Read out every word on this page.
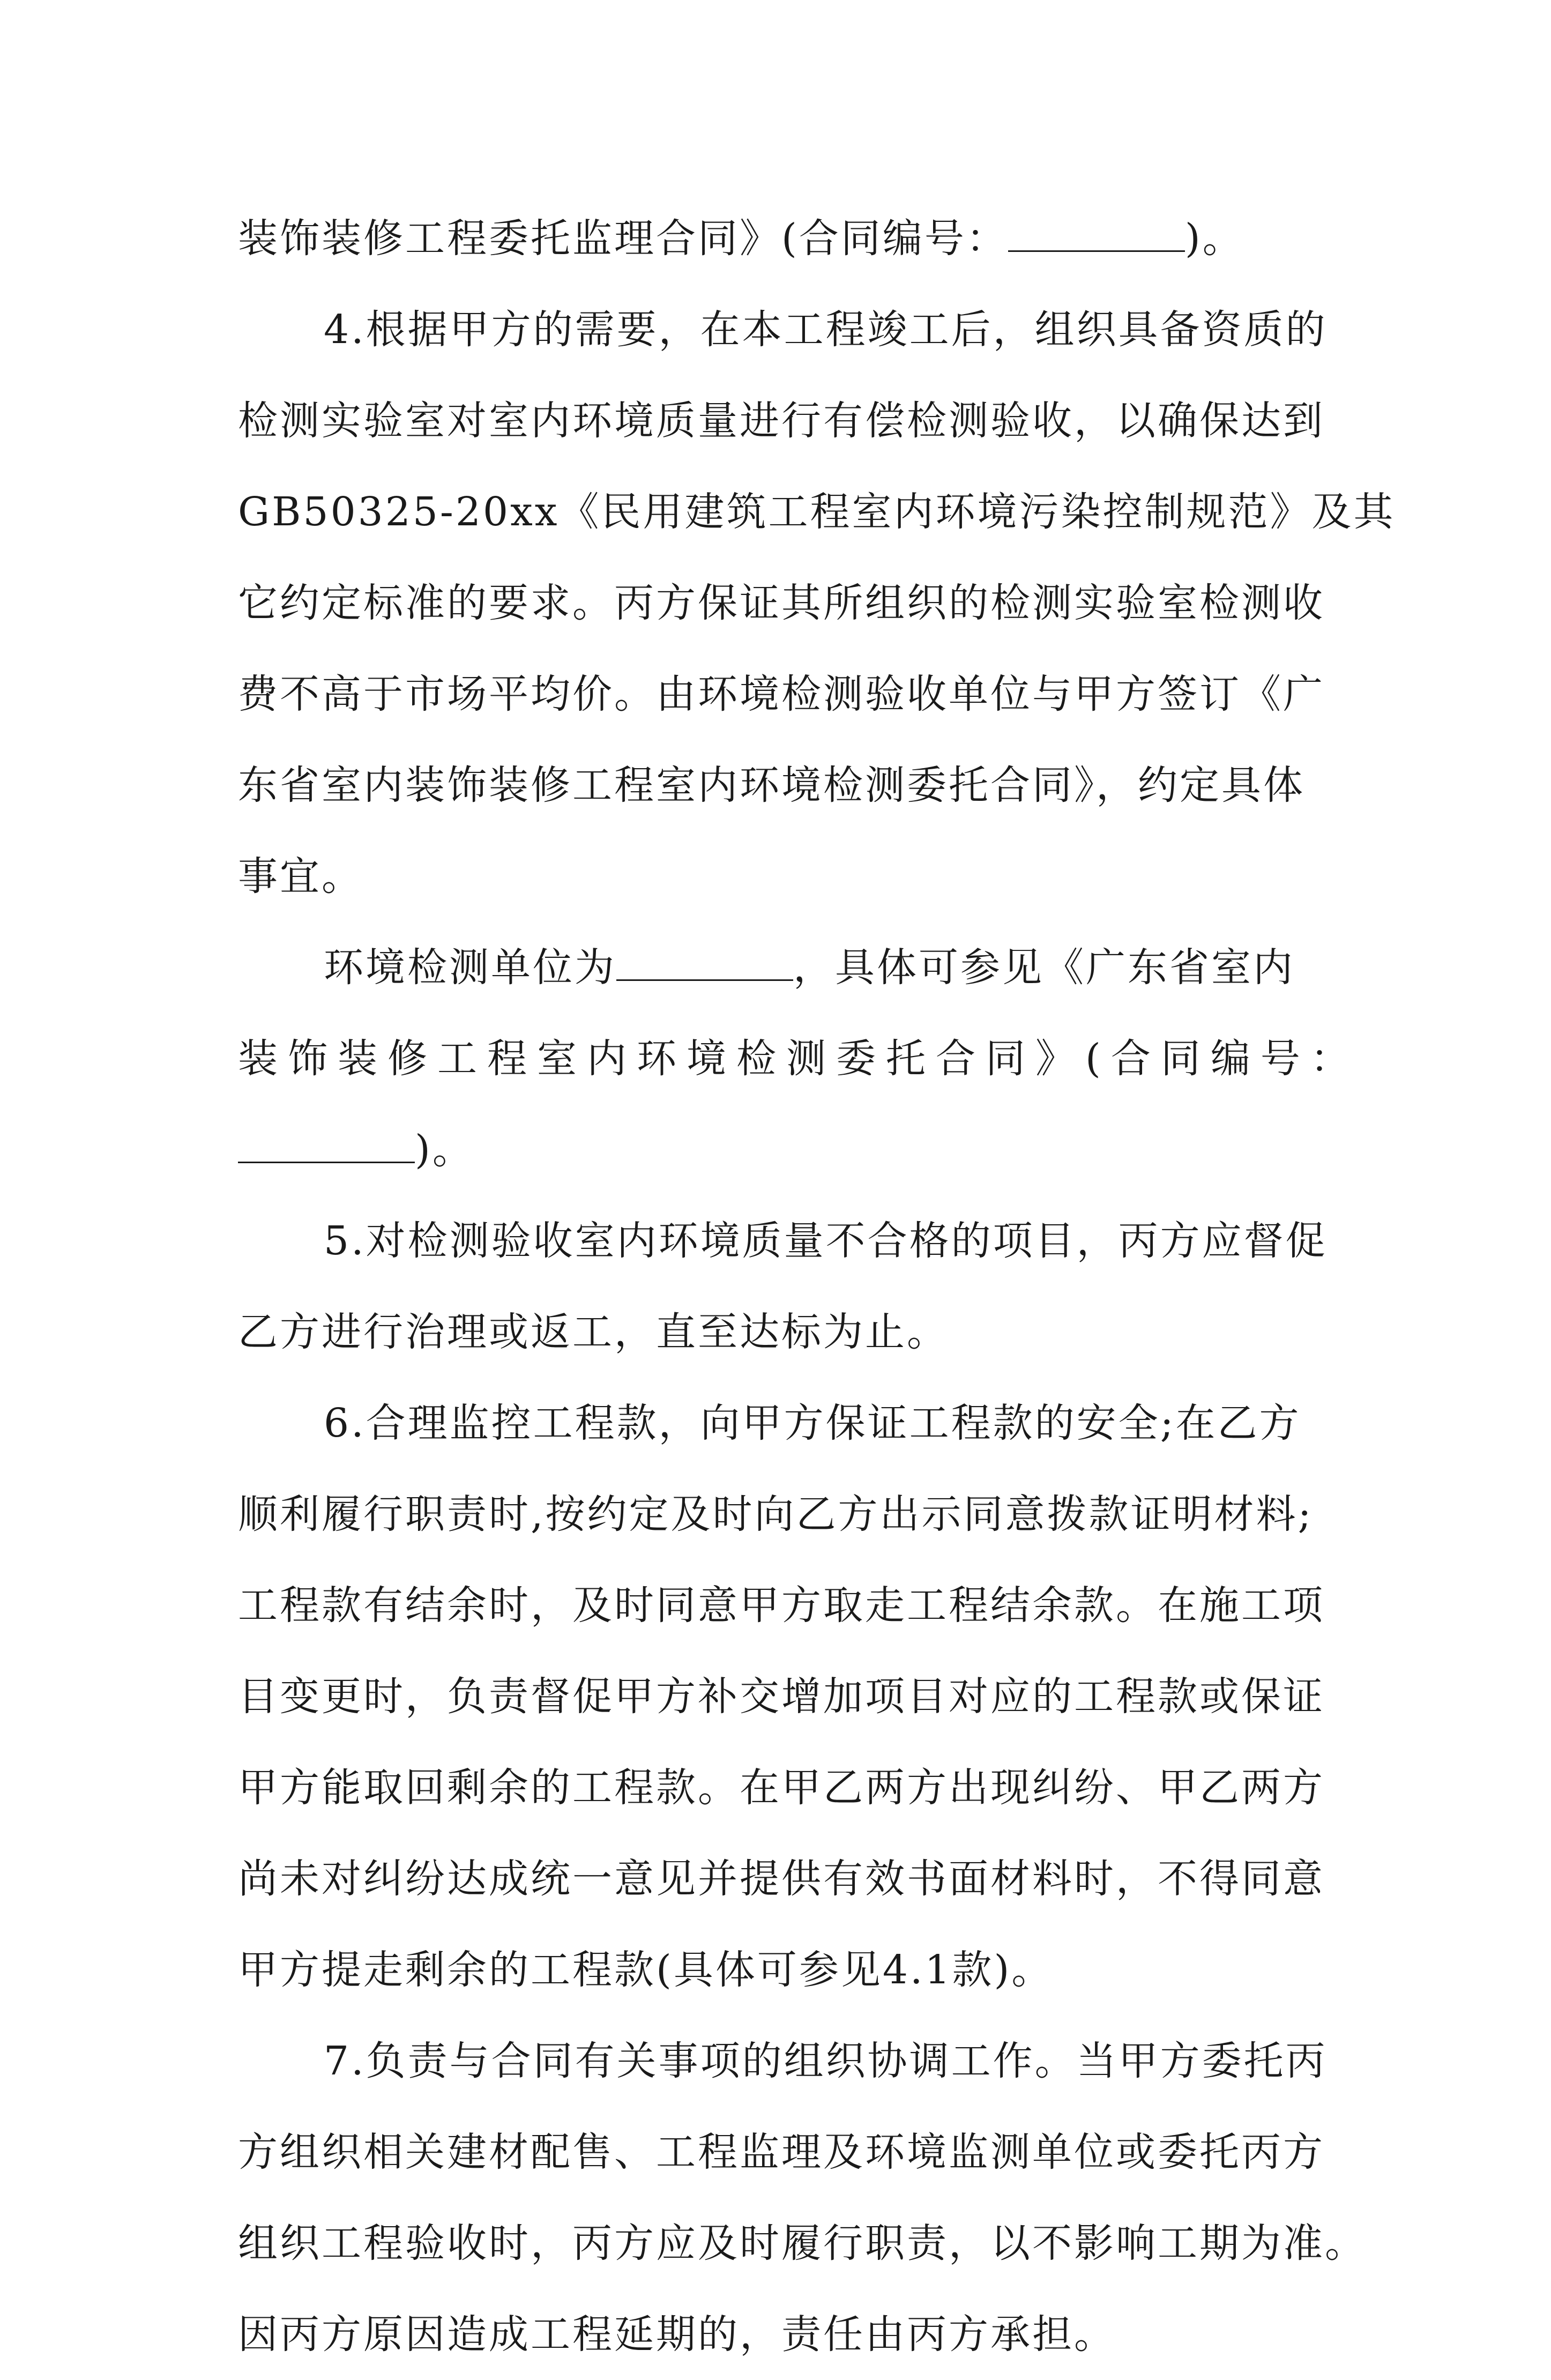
装饰装修工程委托监理合同》(合同编号：	)。

4.根据甲方的需要，在本工程竣工后，组织具备资质的
检测实验室对室内环境质量进行有偿检测验收，以确保达到
GB50325-20xx《民用建筑工程室内环境污染控制规范》及其
它约定标准的要求。丙方保证其所组织的检测实验室检测收
费不高于市场平均价。由环境检测验收单位与甲方签订《广
东省室内装饰装修工程室内环境检测委托合同》，约定具体
事宜。

环境检测单位为	，具体可参见《广东省室内
装饰装修工程室内环境检测委托合同》(合同编号：
)。

5.对检测验收室内环境质量不合格的项目，丙方应督促
乙方进行治理或返工，直至达标为止。

6.合理监控工程款，向甲方保证工程款的安全;在乙方
顺利履行职责时,按约定及时向乙方出示同意拨款证明材料;
工程款有结余时，及时同意甲方取走工程结余款。在施工项
目变更时，负责督促甲方补交增加项目对应的工程款或保证
甲方能取回剩余的工程款。在甲乙两方出现纠纷、甲乙两方
尚未对纠纷达成统一意见并提供有效书面材料时，不得同意
甲方提走剩余的工程款(具体可参见4.1款)。

7.负责与合同有关事项的组织协调工作。当甲方委托丙
方组织相关建材配售、工程监理及环境监测单位或委托丙方
组织工程验收时，丙方应及时履行职责，以不影响工期为准。
因丙方原因造成工程延期的，责任由丙方承担。
